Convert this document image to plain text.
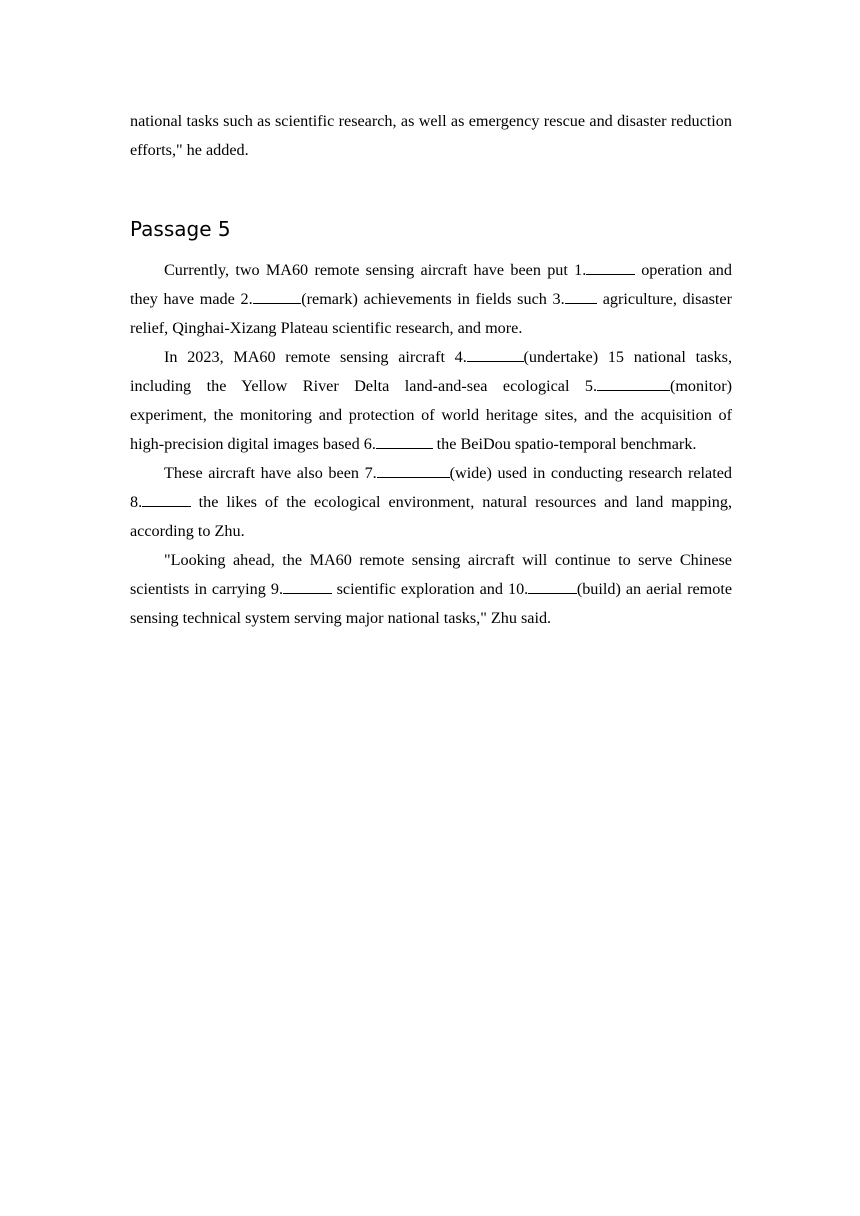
national tasks such as scientific research, as well as emergency rescue and disaster reduction efforts," he added.

Passage 5

Currently, two MA60 remote sensing aircraft have been put 1.	operation and they have made 2.	(remark) achievements in fields such 3. agriculture, disaster relief, Qinghai-Xizang Plateau scientific research, and more.

In 2023, MA60 remote sensing aircraft 4.	(undertake) 15 national tasks, including the Yellow River Delta land-and-sea ecological 5.	(monitor) experiment, the monitoring and protection of world heritage sites, and the acquisition of high-precision digital images based 6.	the BeiDou spatio-temporal benchmark.

These aircraft have also been 7.	(wide) used in conducting research related 8.	the likes of the ecological environment, natural resources and land mapping, according to Zhu.

"Looking ahead, the MA60 remote sensing aircraft will continue to serve Chinese scientists in carrying 9.	scientific exploration and 10.	(build) an aerial remote sensing technical system serving major national tasks," Zhu said.
